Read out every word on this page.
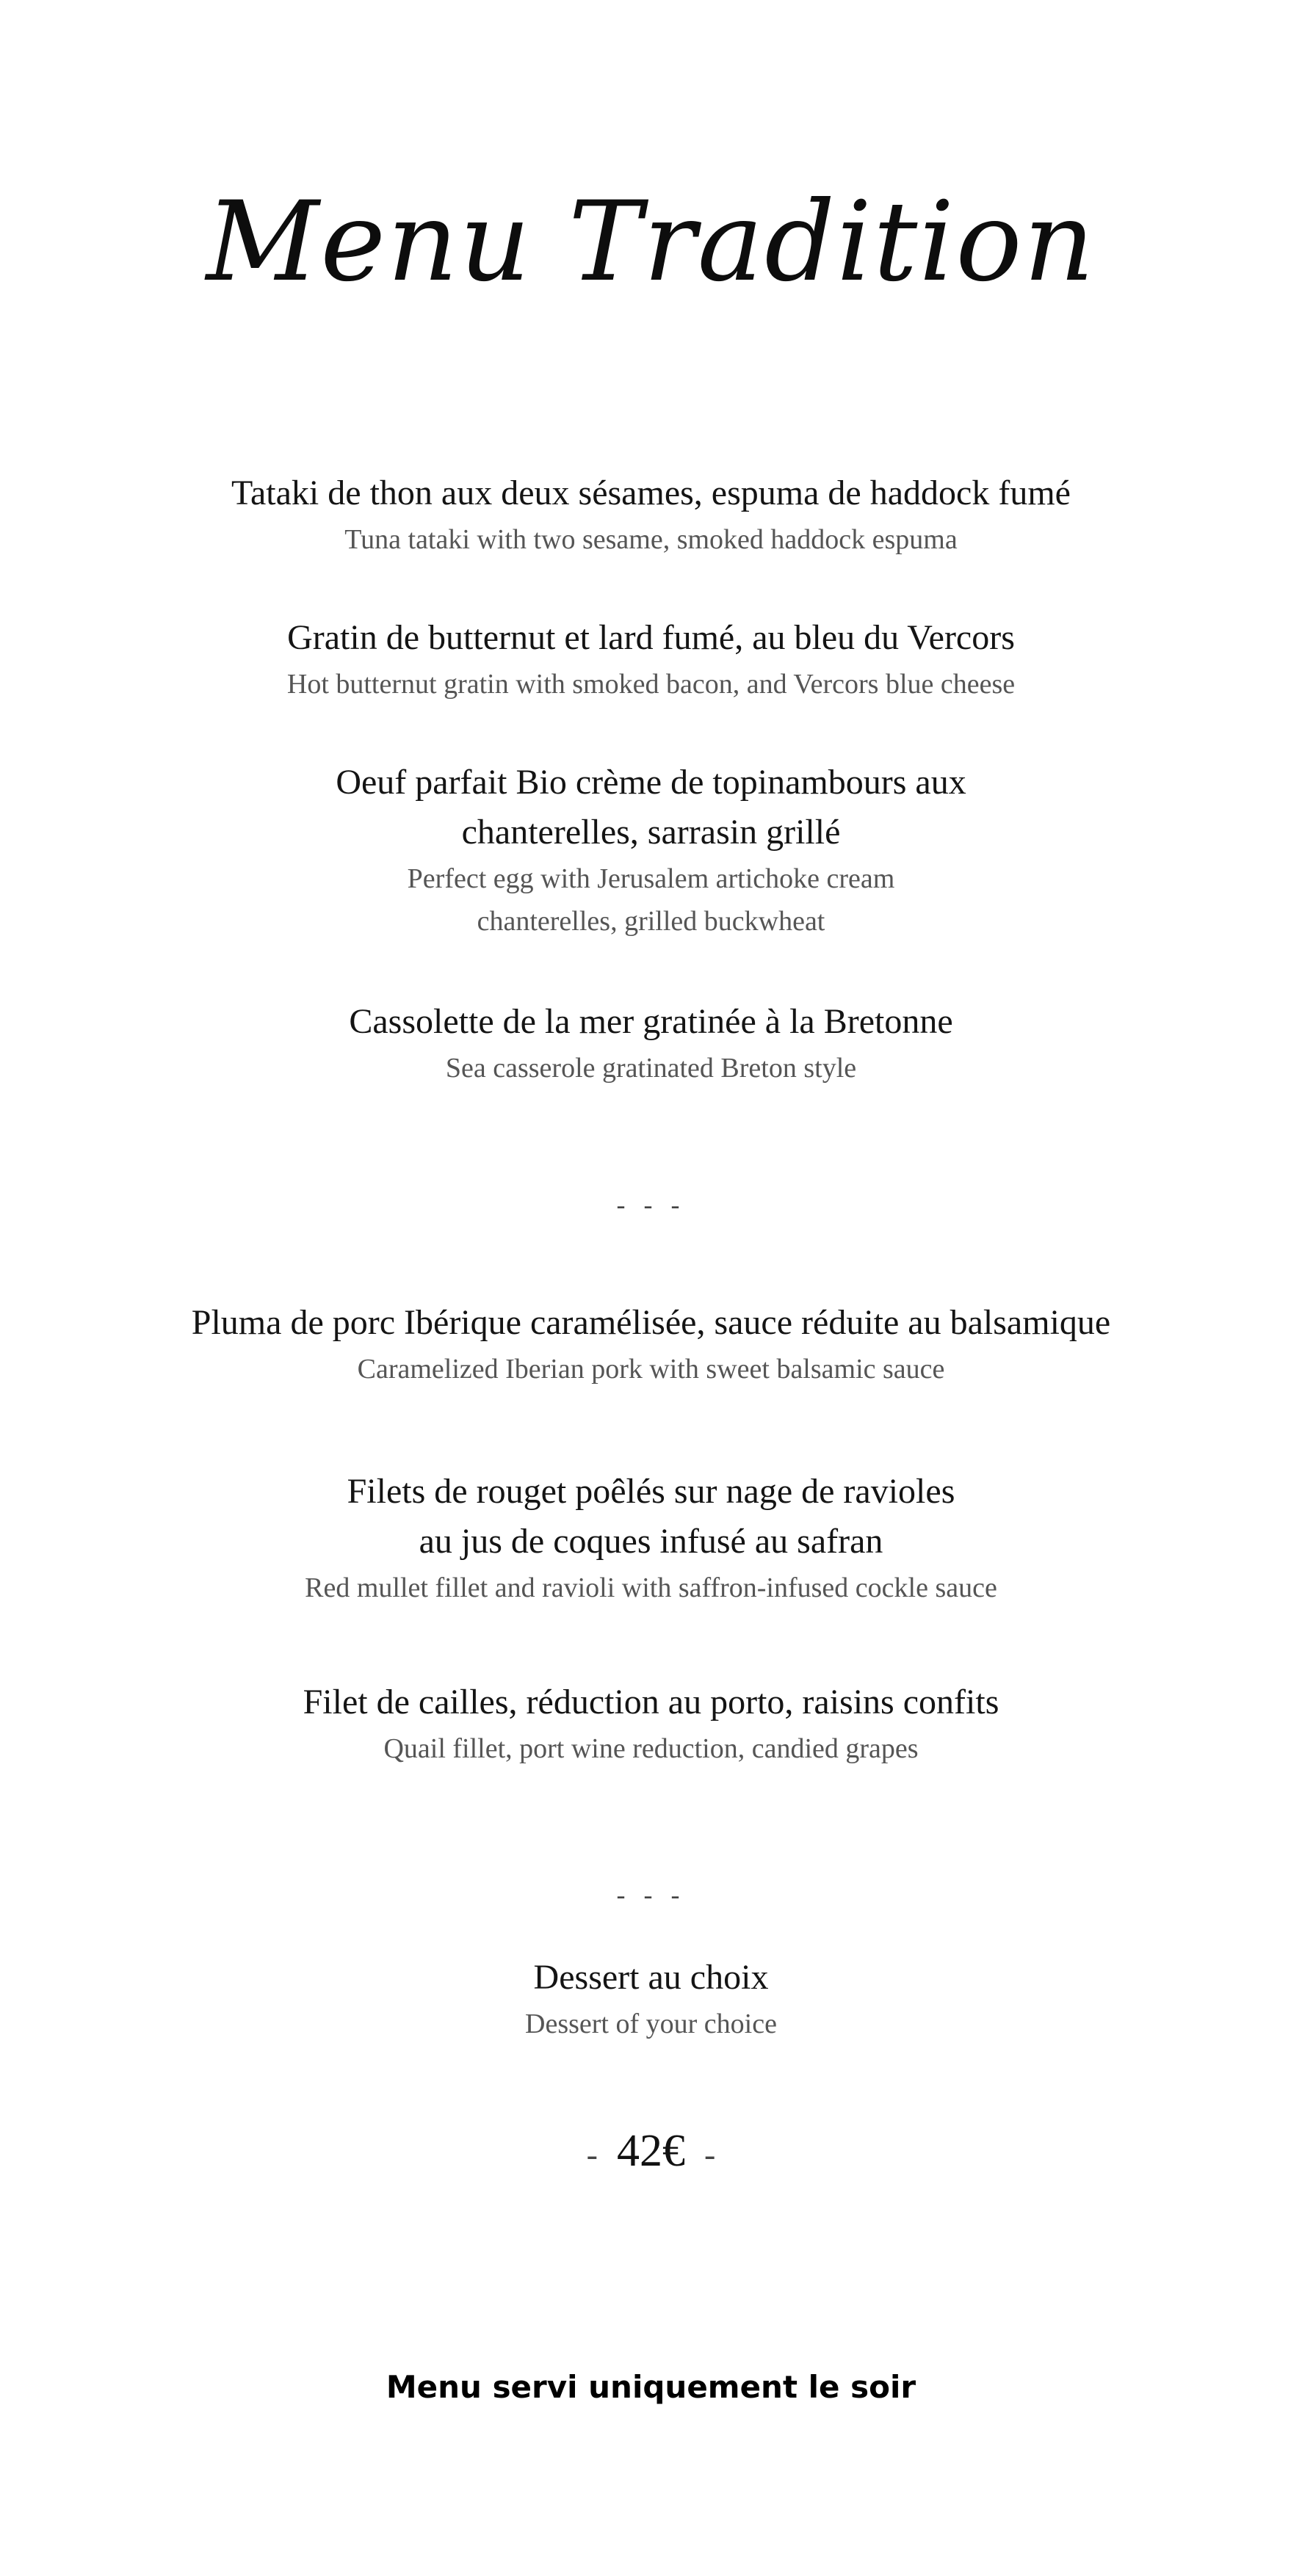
Menu Tradition
Tataki de thon aux deux sésames, espuma de haddock fumé
Tuna tataki with two sesame, smoked haddock espuma
Gratin de butternut et lard fumé, au bleu du Vercors
Hot butternut gratin with smoked bacon, and Vercors blue cheese
Oeuf parfait Bio crème de topinambours aux
chanterelles, sarrasin grillé
Perfect egg with Jerusalem artichoke cream
chanterelles, grilled buckwheat
Cassolette de la mer gratinée à la Bretonne
Sea casserole gratinated Breton style
- - -
Pluma de porc Ibérique caramélisée, sauce réduite au balsamique
Caramelized Iberian pork with sweet balsamic sauce
Filets de rouget poêlés sur nage de ravioles
au jus de coques infusé au safran
Red mullet fillet and ravioli with saffron-infused cockle sauce
Filet de cailles, réduction au porto, raisins confits
Quail fillet, port wine reduction, candied grapes
- - -
Dessert au choix
Dessert of your choice
- 42€ -
Menu servi uniquement le soir
